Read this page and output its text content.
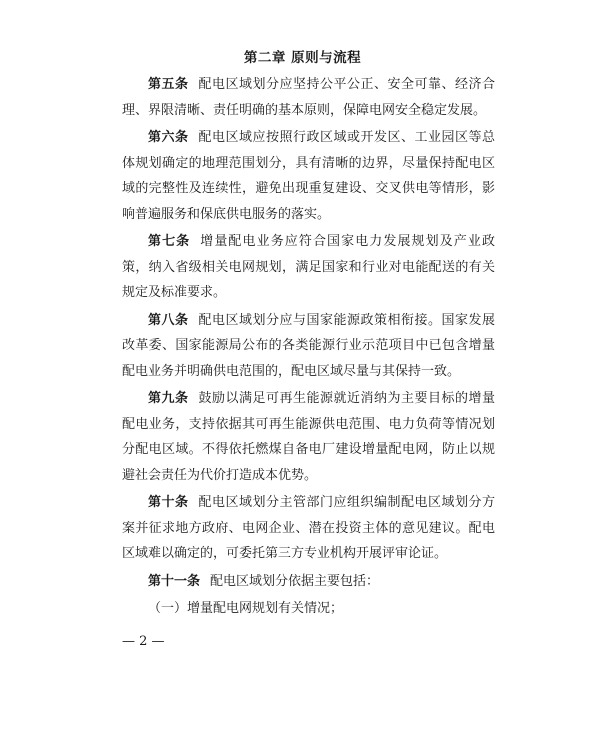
第二章 原则与流程

第五条 配电区域划分应坚持公平公正、安全可靠、经济合理、界限清晰、责任明确的基本原则，保障电网安全稳定发展。

第六条 配电区域应按照行政区域或开发区、工业园区等总体规划确定的地理范围划分，具有清晰的边界，尽量保持配电区域的完整性及连续性，避免出现重复建设、交叉供电等情形，影响普遍服务和保底供电服务的落实。

第七条 增量配电业务应符合国家电力发展规划及产业政策，纳入省级相关电网规划，满足国家和行业对电能配送的有关规定及标准要求。

第八条 配电区域划分应与国家能源政策相衔接。国家发展改革委、国家能源局公布的各类能源行业示范项目中已包含增量配电业务并明确供电范围的，配电区域尽量与其保持一致。

第九条 鼓励以满足可再生能源就近消纳为主要目标的增量配电业务，支持依据其可再生能源供电范围、电力负荷等情况划分配电区域。不得依托燃煤自备电厂建设增量配电网，防止以规避社会责任为代价打造成本优势。

第十条 配电区域划分主管部门应组织编制配电区域划分方案并征求地方政府、电网企业、潜在投资主体的意见建议。配电区域难以确定的，可委托第三方专业机构开展评审论证。

第十一条 配电区域划分依据主要包括：

（一）增量配电网规划有关情况；

— 2 —
